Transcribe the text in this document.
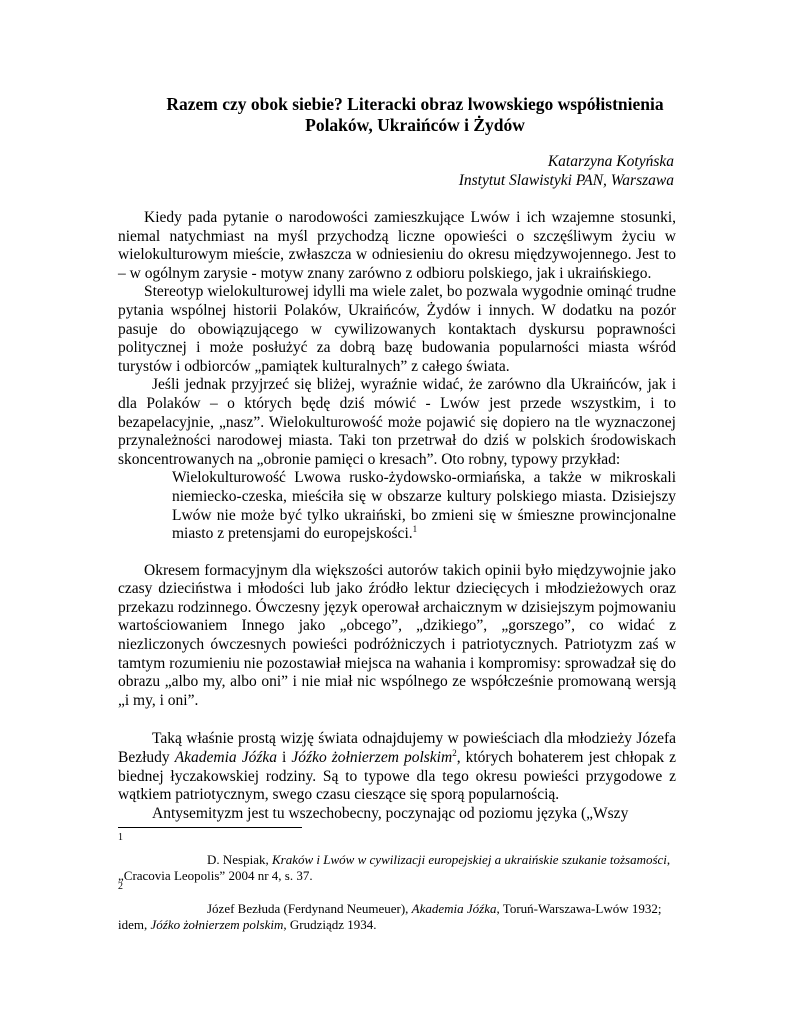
Razem czy obok siebie? Literacki obraz lwowskiego współistnienia
Polaków, Ukraińców i Żydów
Katarzyna Kotyńska
Instytut Slawistyki PAN, Warszawa

Kiedy pada pytanie o narodowości zamieszkujące Lwów i ich wzajemne stosunki, niemal natychmiast na myśl przychodzą liczne opowieści o szczęśliwym życiu w wielokulturowym mieście, zwłaszcza w odniesieniu do okresu międzywojennego. Jest to – w ogólnym zarysie - motyw znany zarówno z odbioru polskiego, jak i ukraińskiego.

Stereotyp wielokulturowej idylli ma wiele zalet, bo pozwala wygodnie ominąć trudne pytania wspólnej historii Polaków, Ukraińców, Żydów i innych. W dodatku na pozór pasuje do obowiązującego w cywilizowanych kontaktach dyskursu poprawności politycznej i może posłużyć za dobrą bazę budowania popularności miasta wśród turystów i odbiorców „pamiątek kulturalnych” z całego świata.

Jeśli jednak przyjrzeć się bliżej, wyraźnie widać, że zarówno dla Ukraińców, jak i dla Polaków – o których będę dziś mówić - Lwów jest przede wszystkim, i to bezapelacyjnie, „nasz”. Wielokulturowość może pojawić się dopiero na tle wyznaczonej przynależności narodowej miasta. Taki ton przetrwał do dziś w polskich środowiskach skoncentrowanych na „obronie pamięci o kresach”. Oto robny, typowy przykład:

Wielokulturowość Lwowa rusko-żydowsko-ormiańska, a także w mikroskali niemiecko-czeska, mieściła się w obszarze kultury polskiego miasta. Dzisiejszy Lwów nie może być tylko ukraiński, bo zmieni się w śmieszne prowincjonalne miasto z pretensjami do europejskości.$^1$

Okresem formacyjnym dla większości autorów takich opinii było międzywojnie jako czasy dzieciństwa i młodości lub jako źródło lektur dziecięcych i młodzieżowych oraz przekazu rodzinnego. Ówczesny język operował archaicznym w dzisiejszym pojmowaniu wartościowaniem Innego jako „obcego”, „dzikiego”, „gorszego”, co widać z niezliczonych ówczesnych powieści podróżniczych i patriotycznych. Patriotyzm zaś w tamtym rozumieniu nie pozostawiał miejsca na wahania i kompromisy: sprowadzał się do obrazu „albo my, albo oni” i nie miał nic wspólnego ze współcześnie promowaną wersją „i my, i oni”.

Taką właśnie prostą wizję świata odnajdujemy w powieściach dla młodzieży Józefa Bezłudy Akademia Jóźka i Jóźko żołnierzem polskim$^2$, których bohaterem jest chłopak z biednej łyczakowskiej rodziny. Są to typowe dla tego okresu powieści przygodowe z wątkiem patriotycznym, swego czasu cieszące się sporą popularnością.

Antysemityzm jest tu wszechobecny, poczynając od poziomu języka („Wszy

1
D. Nespiak, Kraków i Lwów w cywilizacji europejskiej a ukraińskie szukanie tożsamości,
„Cracovia Leopolis” 2004 nr 4, s. 37.
2
Józef Bezłuda (Ferdynand Neumeuer), Akademia Jóźka, Toruń-Warszawa-Lwów 1932;
idem, Jóźko żołnierzem polskim, Grudziądz 1934.
